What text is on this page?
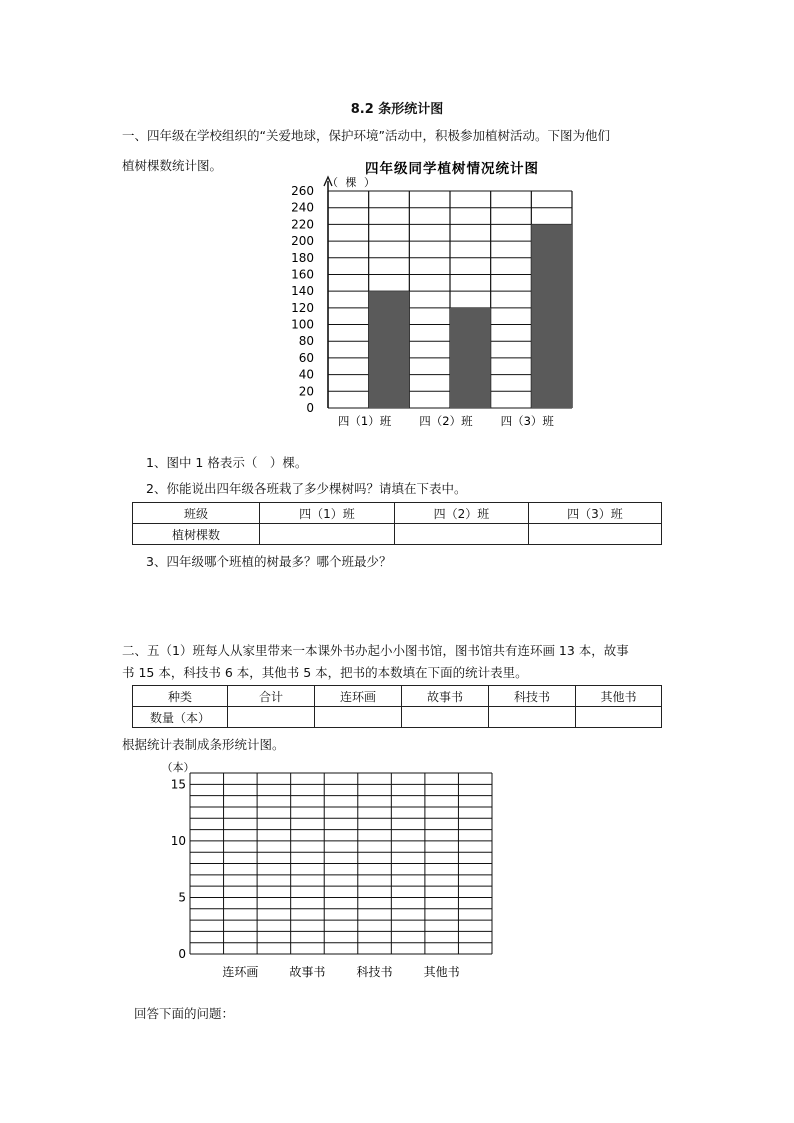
8.2 条形统计图
一、四年级在学校组织的“关爱地球，保护环境”活动中，积极参加植树活动。下图为他们
植树棵数统计图。	四年级同学植树情况统计图
（ 棵 ）
260
240
220
200
180
160
140
120
100
80
60
40
20
0
四（1）班 四（2）班 四（3）班
1、图中 1 格表示（　）棵。
2、你能说出四年级各班栽了多少棵树吗？请填在下表中。
班级	四（1）班	四（2）班	四（3）班
植树棵数			
3、四年级哪个班植的树最多？哪个班最少？
二、五（1）班每人从家里带来一本课外书办起小小图书馆，图书馆共有连环画 13 本，故事
书 15 本，科技书 6 本，其他书 5 本，把书的本数填在下面的统计表里。
种类	合计	连环画	故事书	科技书	其他书
数量（本）					
根据统计表制成条形统计图。
（本）
15
10
5
0
连环画	故事书	科技书	其他书
回答下面的问题：
